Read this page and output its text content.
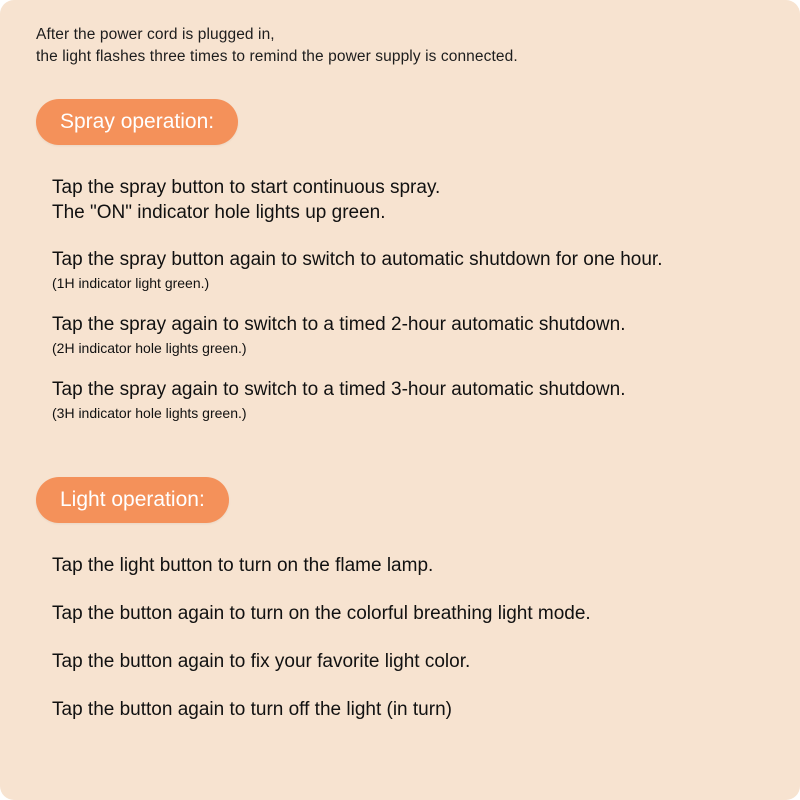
After the power cord is plugged in,
the light flashes three times to remind the power supply is connected.
Spray operation:
Tap the spray button to start continuous spray.
The "ON" indicator hole lights up green.
Tap the spray button again to switch to automatic shutdown for one hour.
(1H indicator light green.)
Tap the spray again to switch to a timed 2-hour automatic shutdown.
(2H indicator hole lights green.)
Tap the spray again to switch to a timed 3-hour automatic shutdown.
(3H indicator hole lights green.)
Light operation:
Tap the light button to turn on the flame lamp.
Tap the button again to turn on the colorful breathing light mode.
Tap the button again to fix your favorite light color.
Tap the button again to turn off the light (in turn)
